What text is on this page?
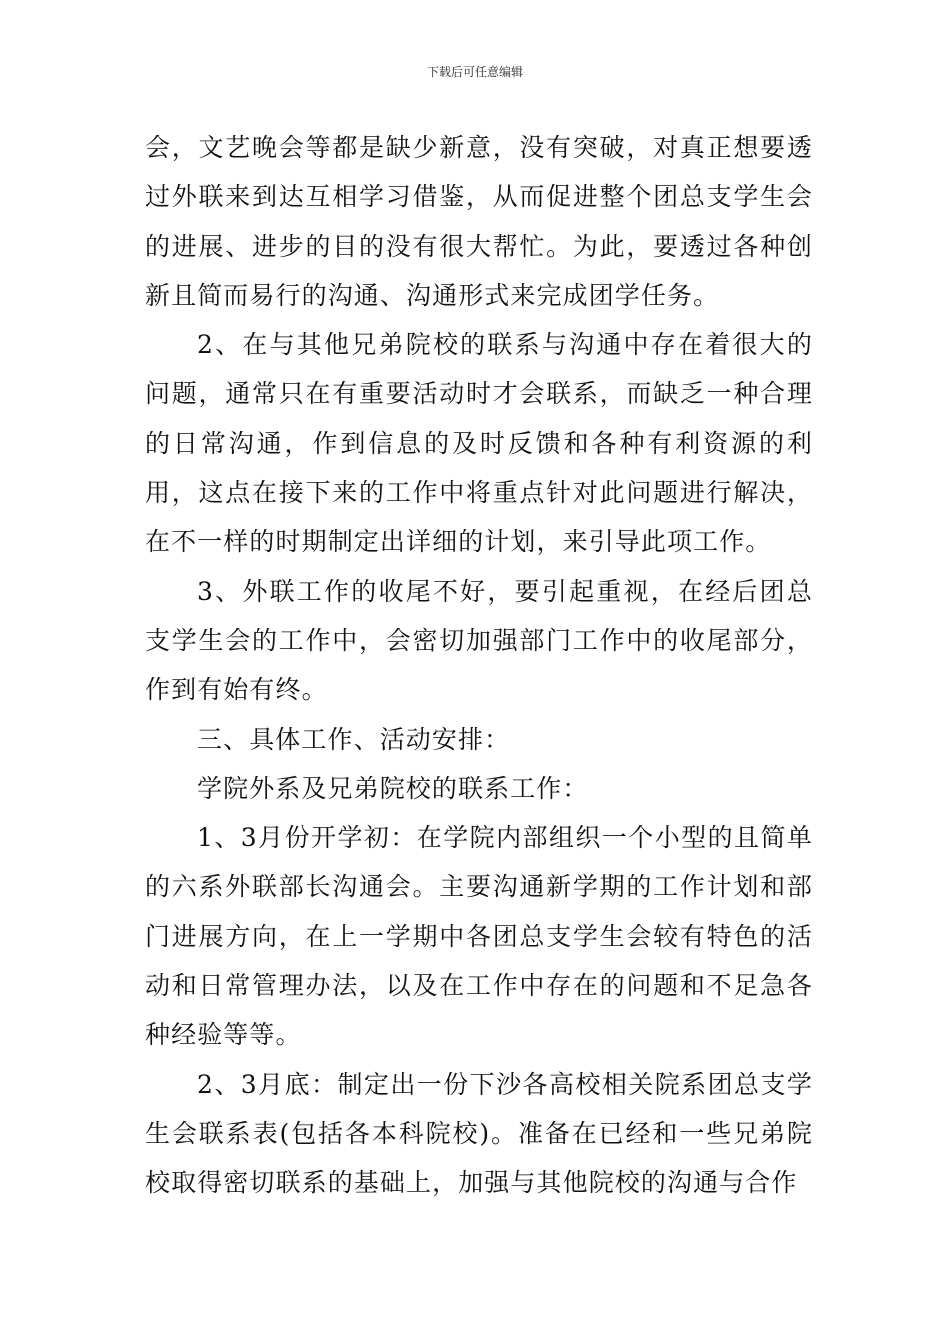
下载后可任意编辑

会，文艺晚会等都是缺少新意，没有突破，对真正想要透过外联来到达互相学习借鉴，从而促进整个团总支学生会的进展、进步的目的没有很大帮忙。为此，要透过各种创新且简而易行的沟通、沟通形式来完成团学任务。

2、在与其他兄弟院校的联系与沟通中存在着很大的问题，通常只在有重要活动时才会联系，而缺乏一种合理的日常沟通，作到信息的及时反馈和各种有利资源的利用，这点在接下来的工作中将重点针对此问题进行解决，在不一样的时期制定出详细的计划，来引导此项工作。

3、外联工作的收尾不好，要引起重视，在经后团总支学生会的工作中，会密切加强部门工作中的收尾部分，作到有始有终。

三、具体工作、活动安排：

学院外系及兄弟院校的联系工作：

1、3月份开学初：在学院内部组织一个小型的且简单的六系外联部长沟通会。主要沟通新学期的工作计划和部门进展方向，在上一学期中各团总支学生会较有特色的活动和日常管理办法，以及在工作中存在的问题和不足急各种经验等等。

2、3月底：制定出一份下沙各高校相关院系团总支学生会联系表(包括各本科院校)。准备在已经和一些兄弟院校取得密切联系的基础上，加强与其他院校的沟通与合作
